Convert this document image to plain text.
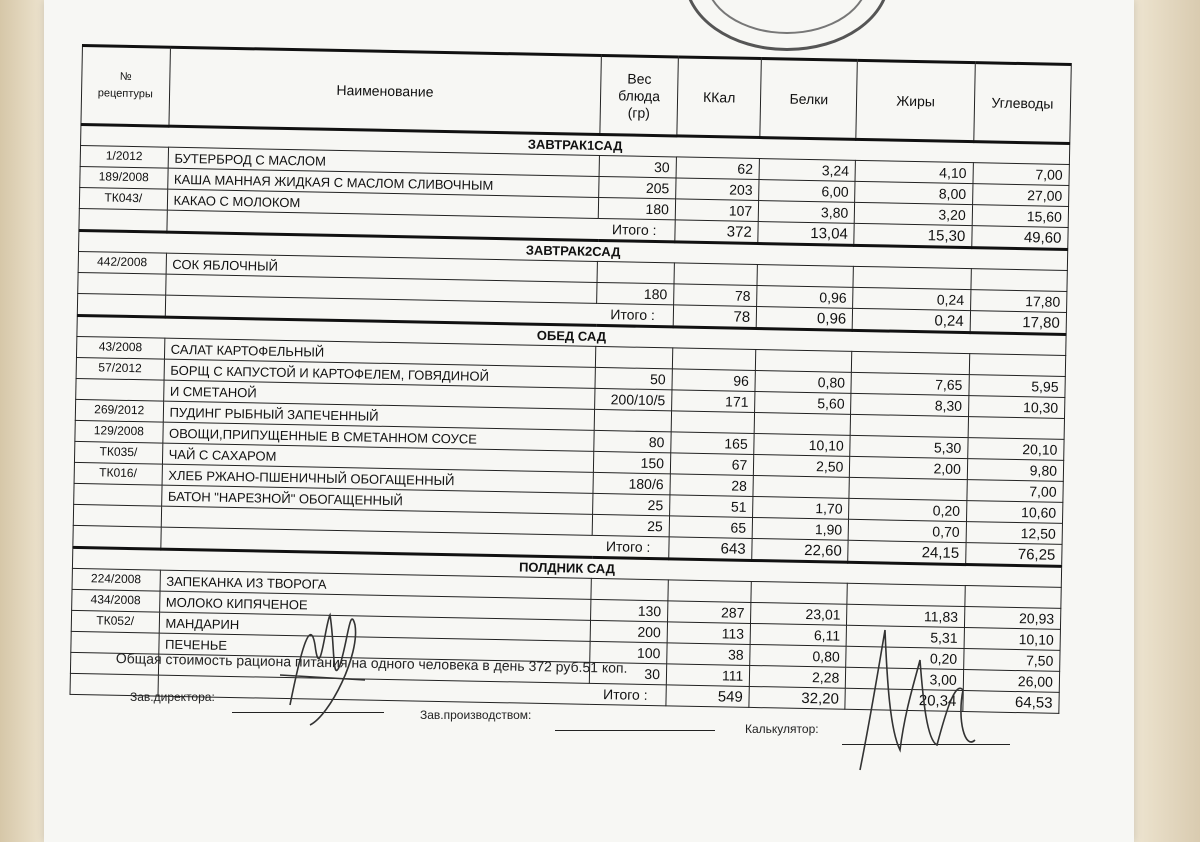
№
рецептуры	Наименование	Вес
блюда
(гр)	ККал	Белки	Жиры	Углеводы
ЗАВТРАК1САД						
1/2012	БУТЕРБРОД С МАСЛОМ	30	62	3,24	4,10	7,00
189/2008	КАША МАННАЯ ЖИДКАЯ С МАСЛОМ СЛИВОЧНЫМ	205	203	6,00	8,00	27,00
ТК043/	КАКАО С МОЛОКОМ	180	107	3,80	3,20	15,60
	Итого :		372	13,04	15,30	49,60
ЗАВТРАК2САД						
442/2008	СОК ЯБЛОЧНЫЙ					
		180	78	0,96	0,24	17,80
	Итого :		78	0,96	0,24	17,80
ОБЕД САД						
43/2008	САЛАТ КАРТОФЕЛЬНЫЙ					
57/2012	БОРЩ С КАПУСТОЙ И КАРТОФЕЛЕМ, ГОВЯДИНОЙ	50	96	0,80	7,65	5,95
	И СМЕТАНОЙ	200/10/5	171	5,60	8,30	10,30
269/2012	ПУДИНГ РЫБНЫЙ ЗАПЕЧЕННЫЙ					
129/2008	ОВОЩИ,ПРИПУЩЕННЫЕ В СМЕТАННОМ СОУСЕ	80	165	10,10	5,30	20,10
ТК035/	ЧАЙ С САХАРОМ	150	67	2,50	2,00	9,80
ТК016/	ХЛЕБ РЖАНО-ПШЕНИЧНЫЙ ОБОГАЩЕННЫЙ	180/6	28			7,00
	БАТОН "НАРЕЗНОЙ" ОБОГАЩЕННЫЙ	25	51	1,70	0,20	10,60
		25	65	1,90	0,70	12,50
	Итого :		643	22,60	24,15	76,25
ПОЛДНИК САД						
224/2008	ЗАПЕКАНКА ИЗ ТВОРОГА					
434/2008	МОЛОКО КИПЯЧЕНОЕ	130	287	23,01	11,83	20,93
ТК052/	МАНДАРИН	200	113	6,11	5,31	10,10
	ПЕЧЕНЬЕ	100	38	0,80	0,20	7,50
		30	111	2,28	3,00	26,00
	Итого :		549	32,20	20,34	64,53
Общая стоимость рациона питания на одного человека в день 372 руб.51 коп.
Зав.директора:
Зав.производством:
Калькулятор:
